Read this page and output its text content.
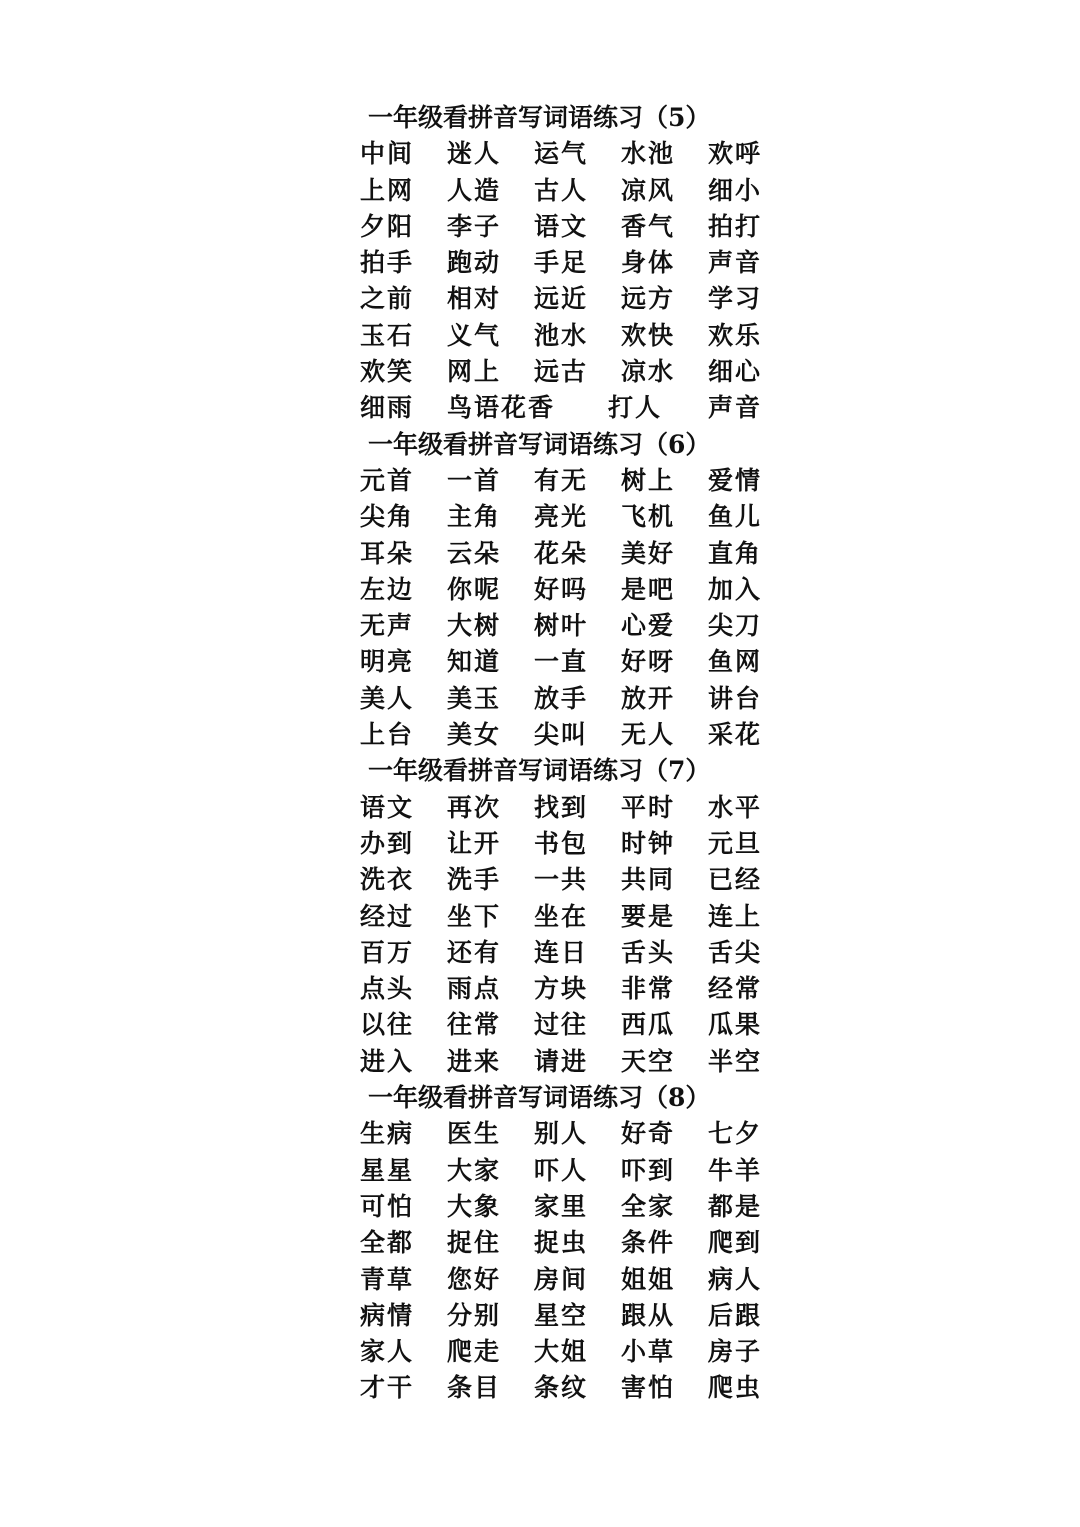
一年级看拼音写词语练习（5）
中间 迷人 运气 水池 欢呼
上网 人造 古人 凉风 细小
夕阳 李子 语文 香气 拍打
拍手 跑动 手足 身体 声音
之前 相对 远近 远方 学习
玉石 义气 池水 欢快 欢乐
欢笑 网上 远古 凉水 细心
细雨 鸟语花香 打人 声音
一年级看拼音写词语练习（6）
元首 一首 有无 树上 爱情
尖角 主角 亮光 飞机 鱼儿
耳朵 云朵 花朵 美好 直角
左边 你呢 好吗 是吧 加入
无声 大树 树叶 心爱 尖刀
明亮 知道 一直 好呀 鱼网
美人 美玉 放手 放开 讲台
上台 美女 尖叫 无人 采花
一年级看拼音写词语练习（7）
语文 再次 找到 平时 水平
办到 让开 书包 时钟 元旦
洗衣 洗手 一共 共同 已经
经过 坐下 坐在 要是 连上
百万 还有 连日 舌头 舌尖
点头 雨点 方块 非常 经常
以往 往常 过往 西瓜 瓜果
进入 进来 请进 天空 半空
一年级看拼音写词语练习（8）
生病 医生 别人 好奇 七夕
星星 大家 吓人 吓到 牛羊
可怕 大象 家里 全家 都是
全都 捉住 捉虫 条件 爬到
青草 您好 房间 姐姐 病人
病情 分别 星空 跟从 后跟
家人 爬走 大姐 小草 房子
才干 条目 条纹 害怕 爬虫
